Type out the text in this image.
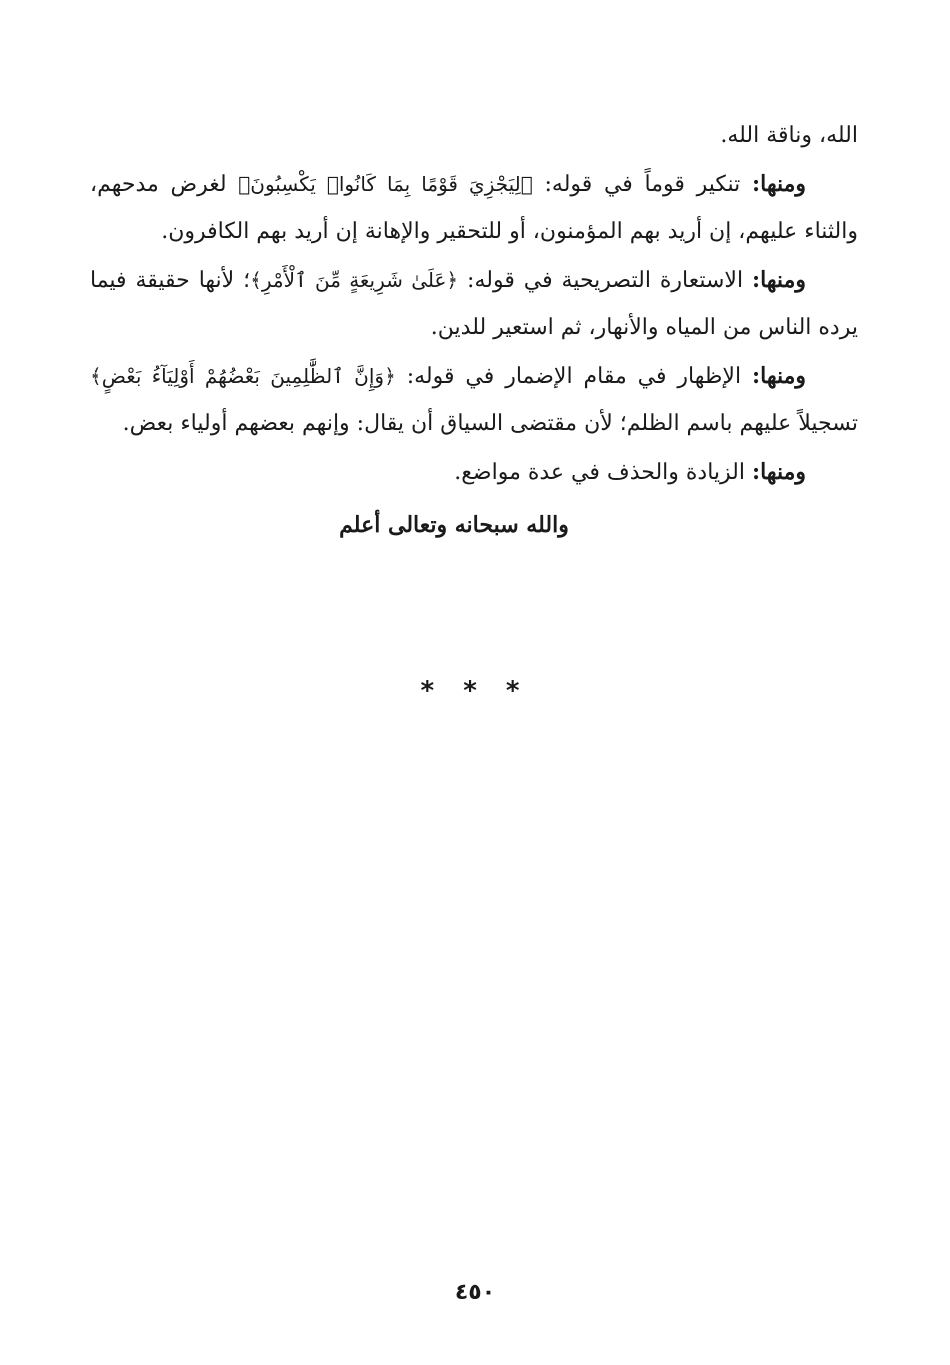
الله، وناقة الله.

ومنها: تنكير قوماً في قوله: ﴿لِيَجْزِيَ قَوْمًا بِمَا كَانُوا۟ يَكْسِبُونَ﴾ لغرض مدحهم، والثناء عليهم، إن أريد بهم المؤمنون، أو للتحقير والإهانة إن أريد بهم الكافرون.

ومنها: الاستعارة التصريحية في قوله: ﴿عَلَىٰ شَرِيعَةٍ مِّنَ ٱلْأَمْرِ﴾؛ لأنها حقيقة فيما يرده الناس من المياه والأنهار، ثم استعير للدين.

ومنها: الإظهار في مقام الإضمار في قوله: ﴿وَإِنَّ ٱلظَّٰلِمِينَ بَعْضُهُمْ أَوْلِيَآءُ بَعْضٍ﴾ تسجيلاً عليهم باسم الظلم؛ لأن مقتضى السياق أن يقال: وإنهم بعضهم أولياء بعض.

ومنها: الزيادة والحذف في عدة مواضع.

والله سبحانه وتعالى أعلم

* * *
٤٥٠
